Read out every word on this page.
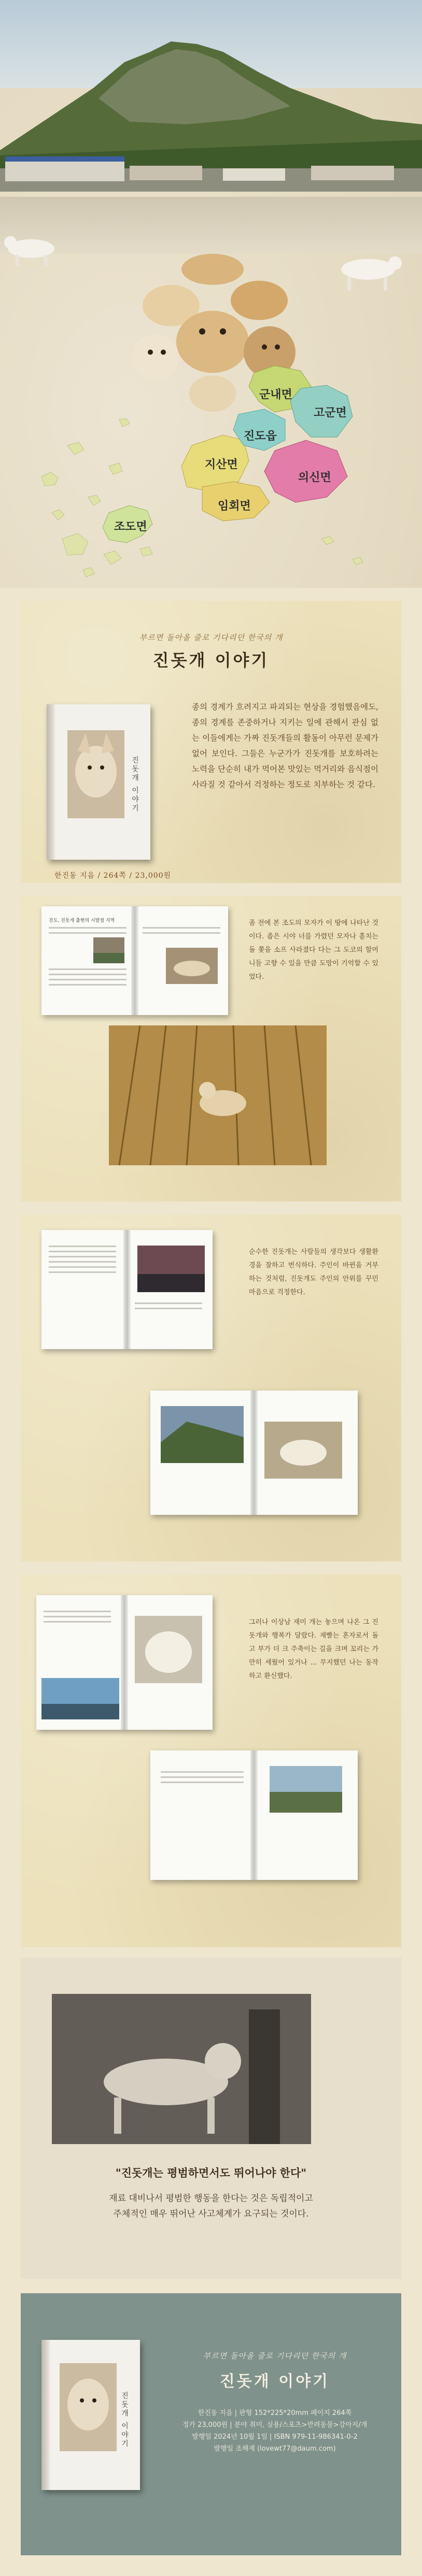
군내면
고군면
진도읍
의신면
지산면
임회면
조도면
부르면 돌아올 줄로 기다리던 한국의 개
진돗개 이야기
진돗개 이야기
한진동 지음 / 264쪽 / 23,000원
종의 경계가 흐려지고 파괴되는 현상을 경험했음에도, 종의 경계를 존중하거나 지키는 일에 관해서 관심 없는 이들에게는 가짜 진돗개들의 활동이 아무런 문제가 없어 보인다. 그들은 누군가가 진돗개를 보호하려는 노력을 단순히 내가 먹어본 맛있는 먹거리와 음식점이 사라질 것 같아서 걱정하는 정도로 치부하는 것 같다.
진도, 진돗개 출현의 시발점 지역	좀 전에 본 조도의 모자가 이 땅에 나타난 것이다. 좁은 시야 너를 가렸던 모자나 흩치는 돌 쫓을 소프 사라졌다 다는 그 도코의 할머니들 고향 수 있을 만큼 도망이 기억할 수 있었다.
순수한 진돗개는 사람들의 생각보다 생활환경을 잘하고 번식하다. 주인이 바뀐을 거부하는 것처럼, 진돗개도 주인의 안위를 꾸민 마음으로 걱정한다.
그러나 이상남 재미 개는 놓으며 나온 그 진돗개와 행복가 달랐다. 재빨는 혼자로서 돌고 부가 더 크 주축이는 길을 크며 꼬리는 가만히 세웠어 있거나 ... 무지했던 나는 동작하고 환신했다.
"진돗개는 평범하면서도 뛰어나야 한다"
재료 대비나서 평범한 행동을 한다는 것은 독립적이고
주체적인 매우 뛰어난 사고체계가 요구되는 것이다.
진돗개 이야기
부르면 돌아올 줄로 기다리던 한국의 개
진돗개 이야기
한진동 지음 | 판형 152*225*20mm 페이지 264쪽
정가 23,000원 | 분야 취미, 실용/스포츠>반려동물>강아지/개
발행일 2024년 10월 1일 | ISBN 979-11-986341-0-2
발행일 조해제 (lovewt77@daum.com)
